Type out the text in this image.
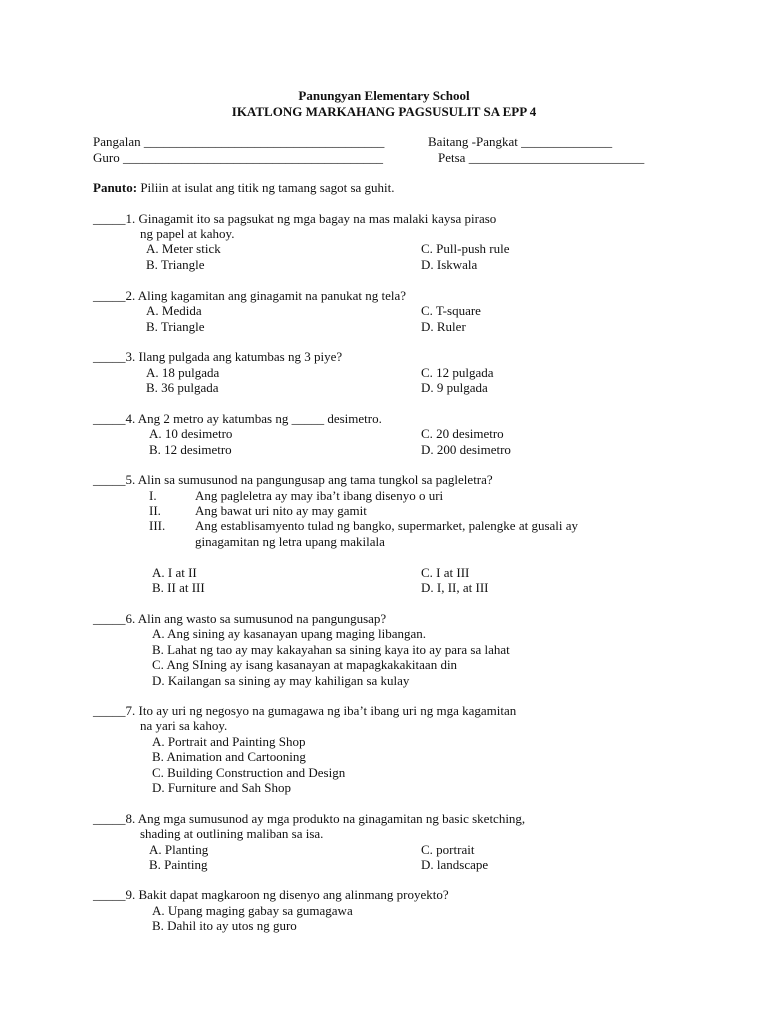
Panungyan Elementary School
IKATLONG MARKAHANG PAGSUSULIT SA EPP 4
Pangalan _____________________________________	Baitang -Pangkat ______________
Guro ________________________________________	Petsa ___________________________
Panuto: Piliin at isulat ang titik ng tamang sagot sa guhit.
_____1. Ginagamit ito sa pagsukat ng mga bagay na mas malaki kaysa piraso
ng papel at kahoy.
A. Meter stick	C. Pull-push rule
B. Triangle	D. Iskwala
_____2. Aling kagamitan ang ginagamit na panukat ng tela?
A. Medida	C. T-square
B. Triangle	D. Ruler
_____3. Ilang pulgada ang katumbas ng 3 piye?
A. 18 pulgada	C. 12 pulgada
B. 36 pulgada	D. 9 pulgada
_____4. Ang 2 metro ay katumbas ng _____ desimetro.
A. 10 desimetro	C. 20 desimetro
B. 12 desimetro	D. 200 desimetro
_____5. Alin sa sumusunod na pangungusap ang tama tungkol sa pagleletra?
I.	Ang pagleletra ay may iba’t ibang disenyo o uri
II.	Ang bawat uri nito ay may gamit
III. Ang establisamyento tulad ng bangko, supermarket, palengke at gusali ay
ginagamitan ng letra upang makilala
A. I at II	C. I at III
B. II at III	D. I, II, at III
_____6. Alin ang wasto sa sumusunod na pangungusap?
A. Ang sining ay kasanayan upang maging libangan.
B. Lahat ng tao ay may kakayahan sa sining kaya ito ay para sa lahat
C. Ang SIning ay isang kasanayan at mapagkakakitaan din
D. Kailangan sa sining ay may kahiligan sa kulay
_____7. Ito ay uri ng negosyo na gumagawa ng iba’t ibang uri ng mga kagamitan
na yari sa kahoy.
A. Portrait and Painting Shop
B. Animation and Cartooning
C. Building Construction and Design
D. Furniture and Sah Shop
_____8. Ang mga sumusunod ay mga produkto na ginagamitan ng basic sketching,
shading at outlining maliban sa isa.
A. Planting	C. portrait
B. Painting	D. landscape
_____9. Bakit dapat magkaroon ng disenyo ang alinmang proyekto?
A. Upang maging gabay sa gumagawa
B. Dahil ito ay utos ng guro
